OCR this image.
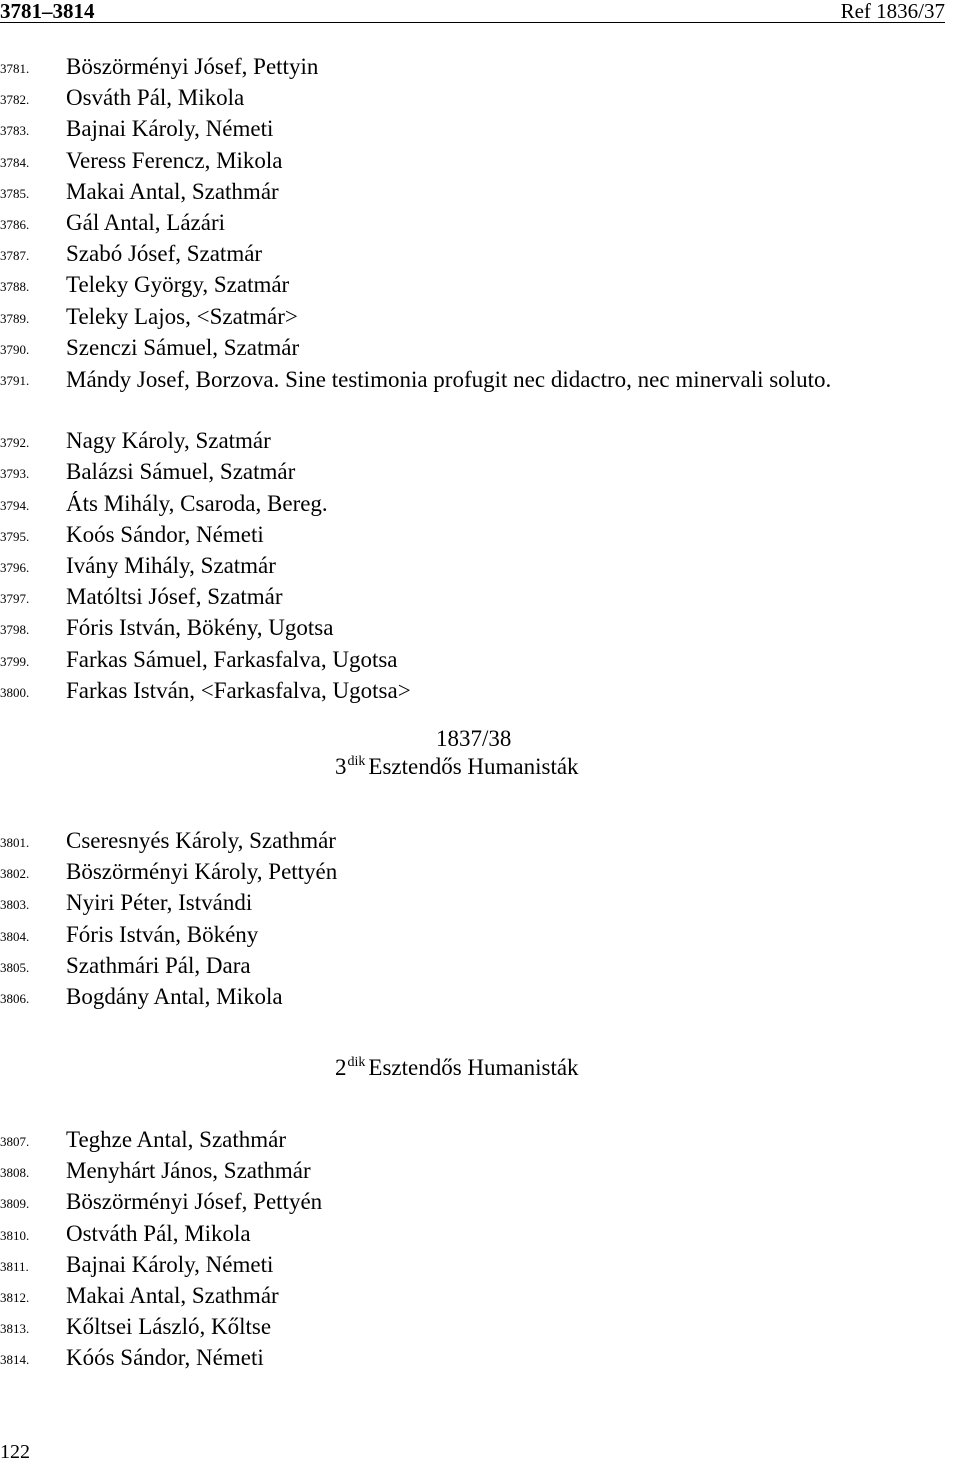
3781–3814	Ref 1836/37
3781. Böszörményi Jósef, Pettyin
3782. Osváth Pál, Mikola
3783. Bajnai Károly, Németi
3784. Veress Ferencz, Mikola
3785. Makai Antal, Szathmár
3786. Gál Antal, Lázári
3787. Szabó Jósef, Szatmár
3788. Teleky György, Szatmár
3789. Teleky Lajos, <Szatmár>
3790. Szenczi Sámuel, Szatmár
3791. Mándy Josef, Borzova. Sine testimonia profugit nec didactro, nec minervali soluto.
3792. Nagy Károly, Szatmár
3793. Balázsi Sámuel, Szatmár
3794. Áts Mihály, Csaroda, Bereg.
3795. Koós Sándor, Németi
3796. Ivány Mihály, Szatmár
3797. Matóltsi Jósef, Szatmár
3798. Fóris István, Bökény, Ugotsa
3799. Farkas Sámuel, Farkasfalva, Ugotsa
3800. Farkas István, <Farkasfalva, Ugotsa>
1837/38
$3^{dik}$ Esztendős Humanisták
3801. Cseresnyés Károly, Szathmár
3802. Böszörményi Károly, Pettyén
3803. Nyiri Péter, Istvándi
3804. Fóris István, Bökény
3805. Szathmári Pál, Dara
3806. Bogdány Antal, Mikola
$2^{dik}$ Esztendős Humanisták
3807. Teghze Antal, Szathmár
3808. Menyhárt János, Szathmár
3809. Böszörményi Jósef, Pettyén
3810. Ostváth Pál, Mikola
3811. Bajnai Károly, Németi
3812. Makai Antal, Szathmár
3813. Kőltsei László, Kőltse
3814. Kóós Sándor, Németi
122
